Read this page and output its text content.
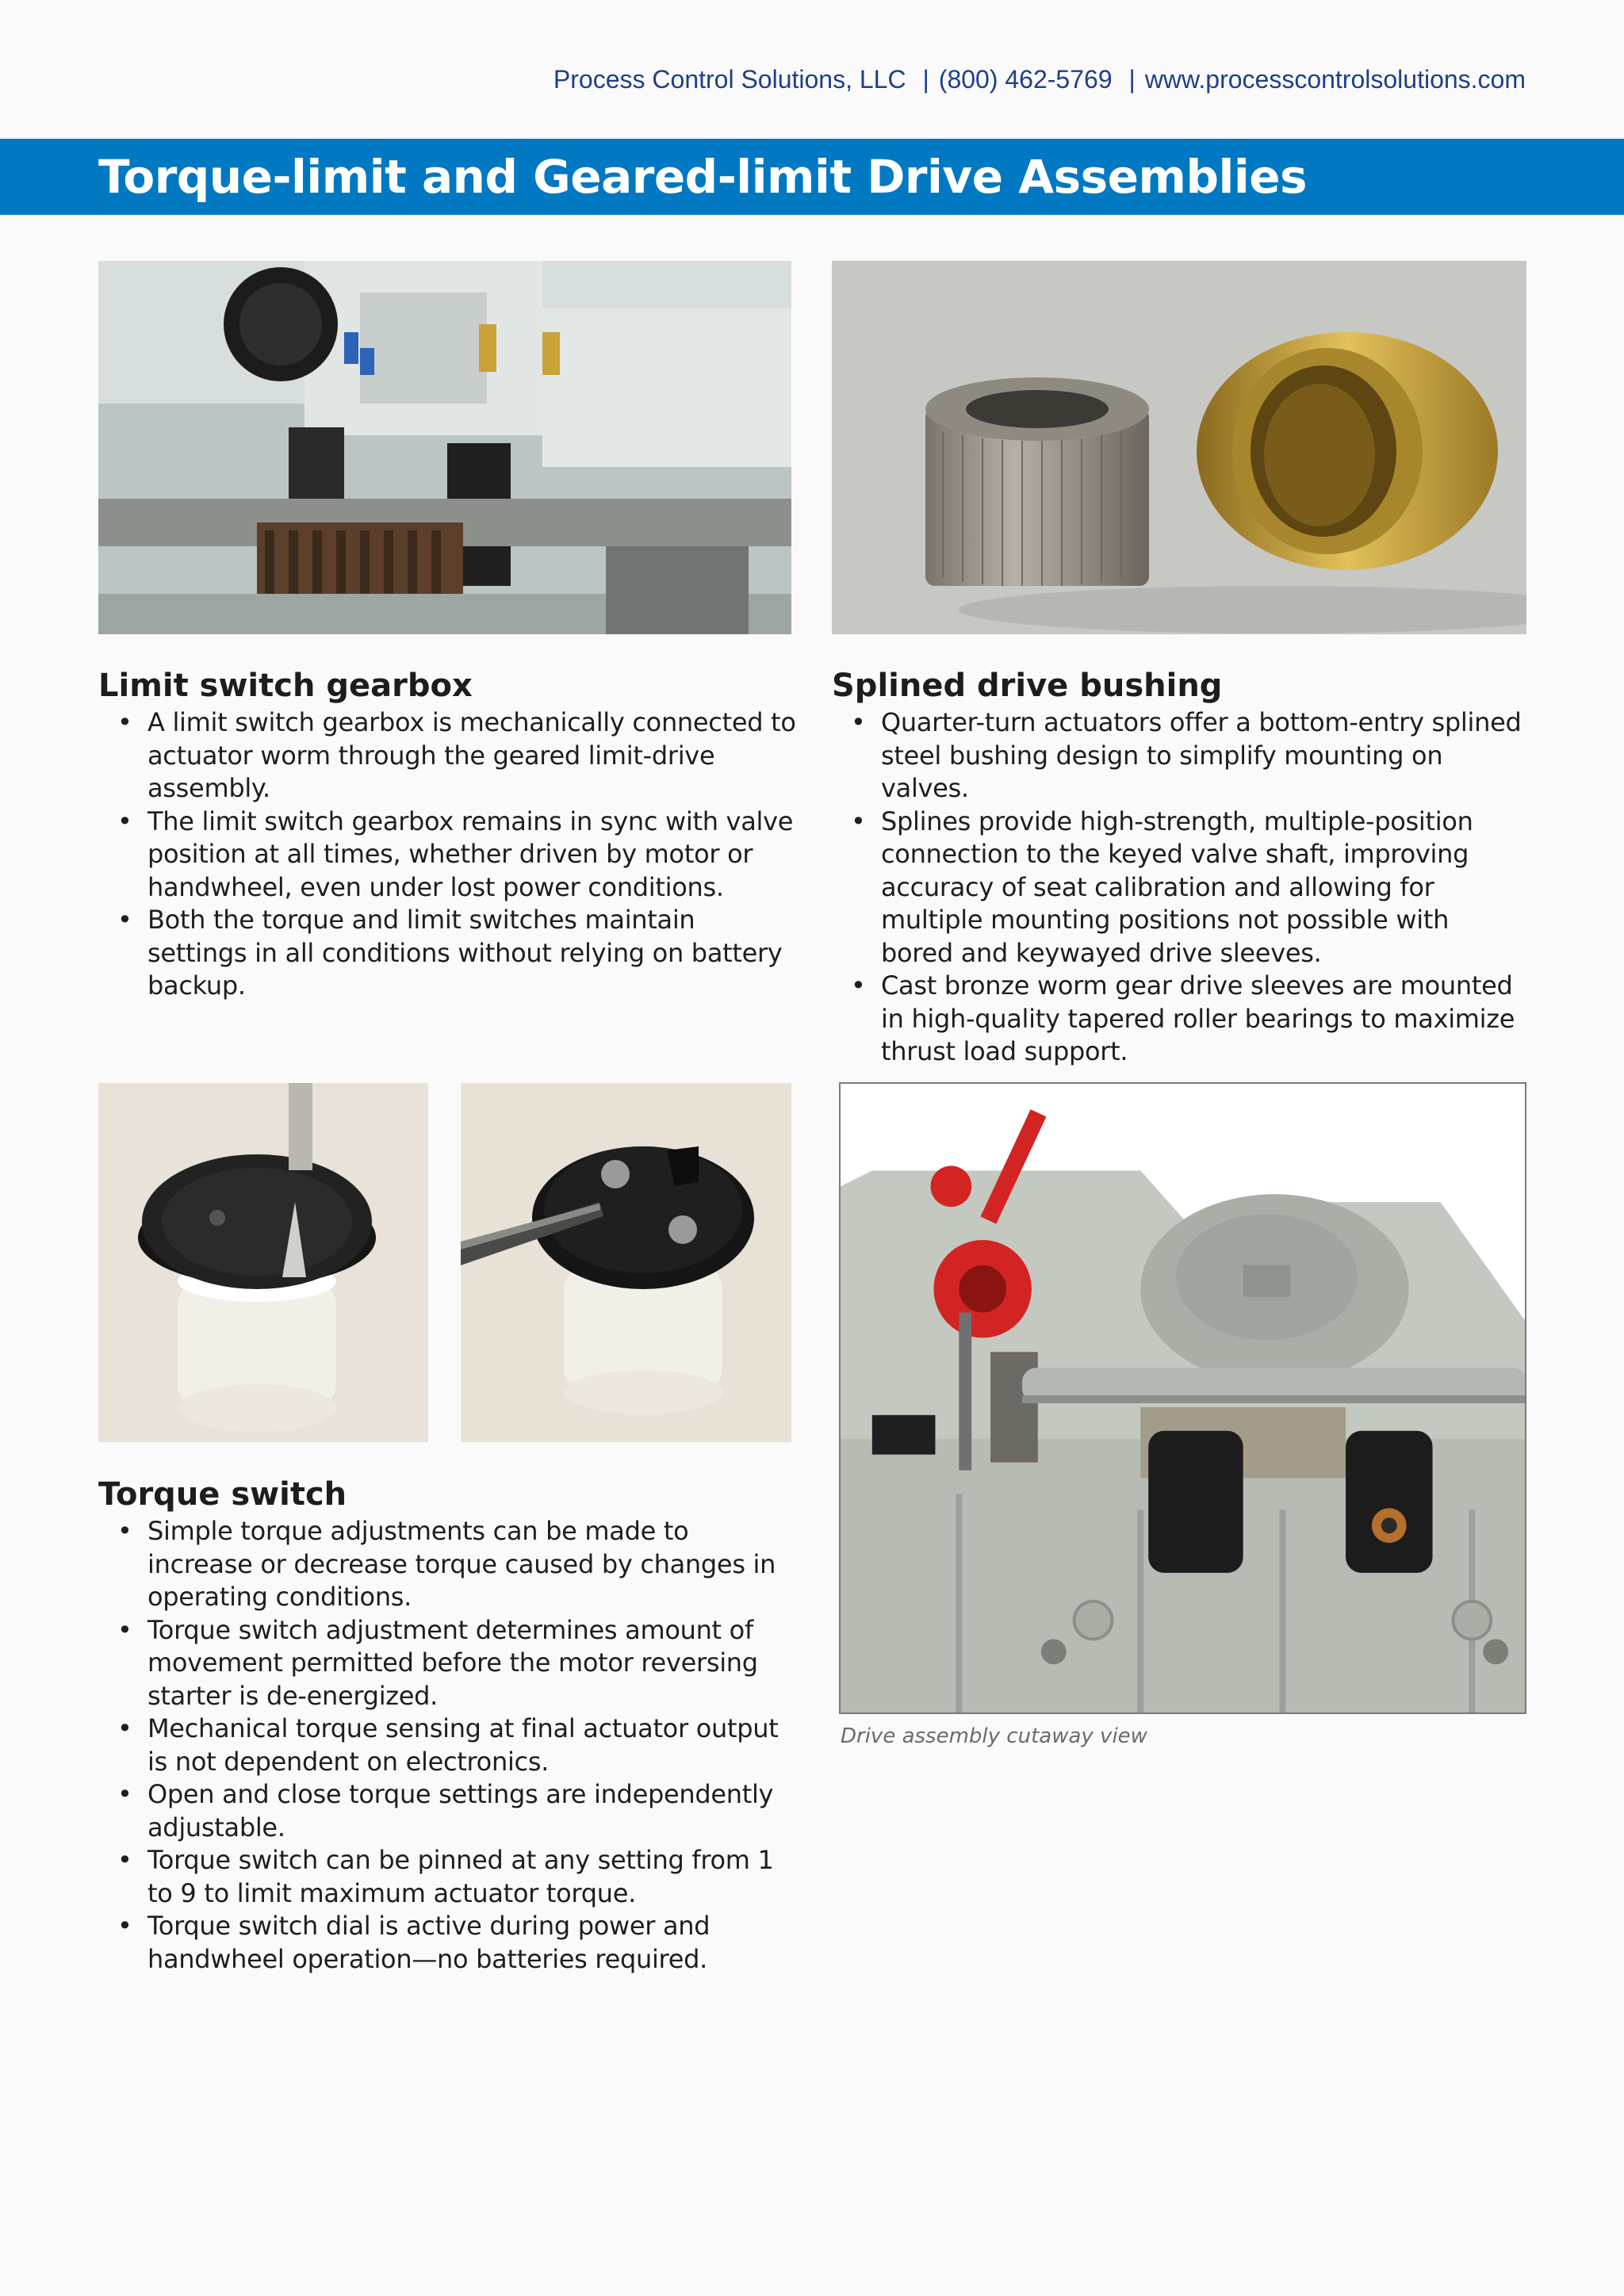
Process Control Solutions, LLC | (800) 462-5769 | www.processcontrolsolutions.com
Torque-limit and Geared-limit Drive Assemblies
Limit switch gearbox
• A limit switch gearbox is mechanically connected to actuator worm through the geared limit-drive assembly.
• The limit switch gearbox remains in sync with valve position at all times, whether driven by motor or handwheel, even under lost power conditions.
• Both the torque and limit switches maintain settings in all conditions without relying on battery backup.
Splined drive bushing
• Quarter-turn actuators offer a bottom-entry splined steel bushing design to simplify mounting on valves.
• Splines provide high-strength, multiple-position connection to the keyed valve shaft, improving accuracy of seat calibration and allowing for multiple mounting positions not possible with bored and keywayed drive sleeves.
• Cast bronze worm gear drive sleeves are mounted in high-quality tapered roller bearings to maximize thrust load support.
Torque switch
• Simple torque adjustments can be made to increase or decrease torque caused by changes in operating conditions.
• Torque switch adjustment determines amount of movement permitted before the motor reversing starter is de-energized.
• Mechanical torque sensing at final actuator output is not dependent on electronics.
• Open and close torque settings are independently adjustable.
• Torque switch can be pinned at any setting from 1 to 9 to limit maximum actuator torque.
• Torque switch dial is active during power and handwheel operation—no batteries required.
Drive assembly cutaway view
